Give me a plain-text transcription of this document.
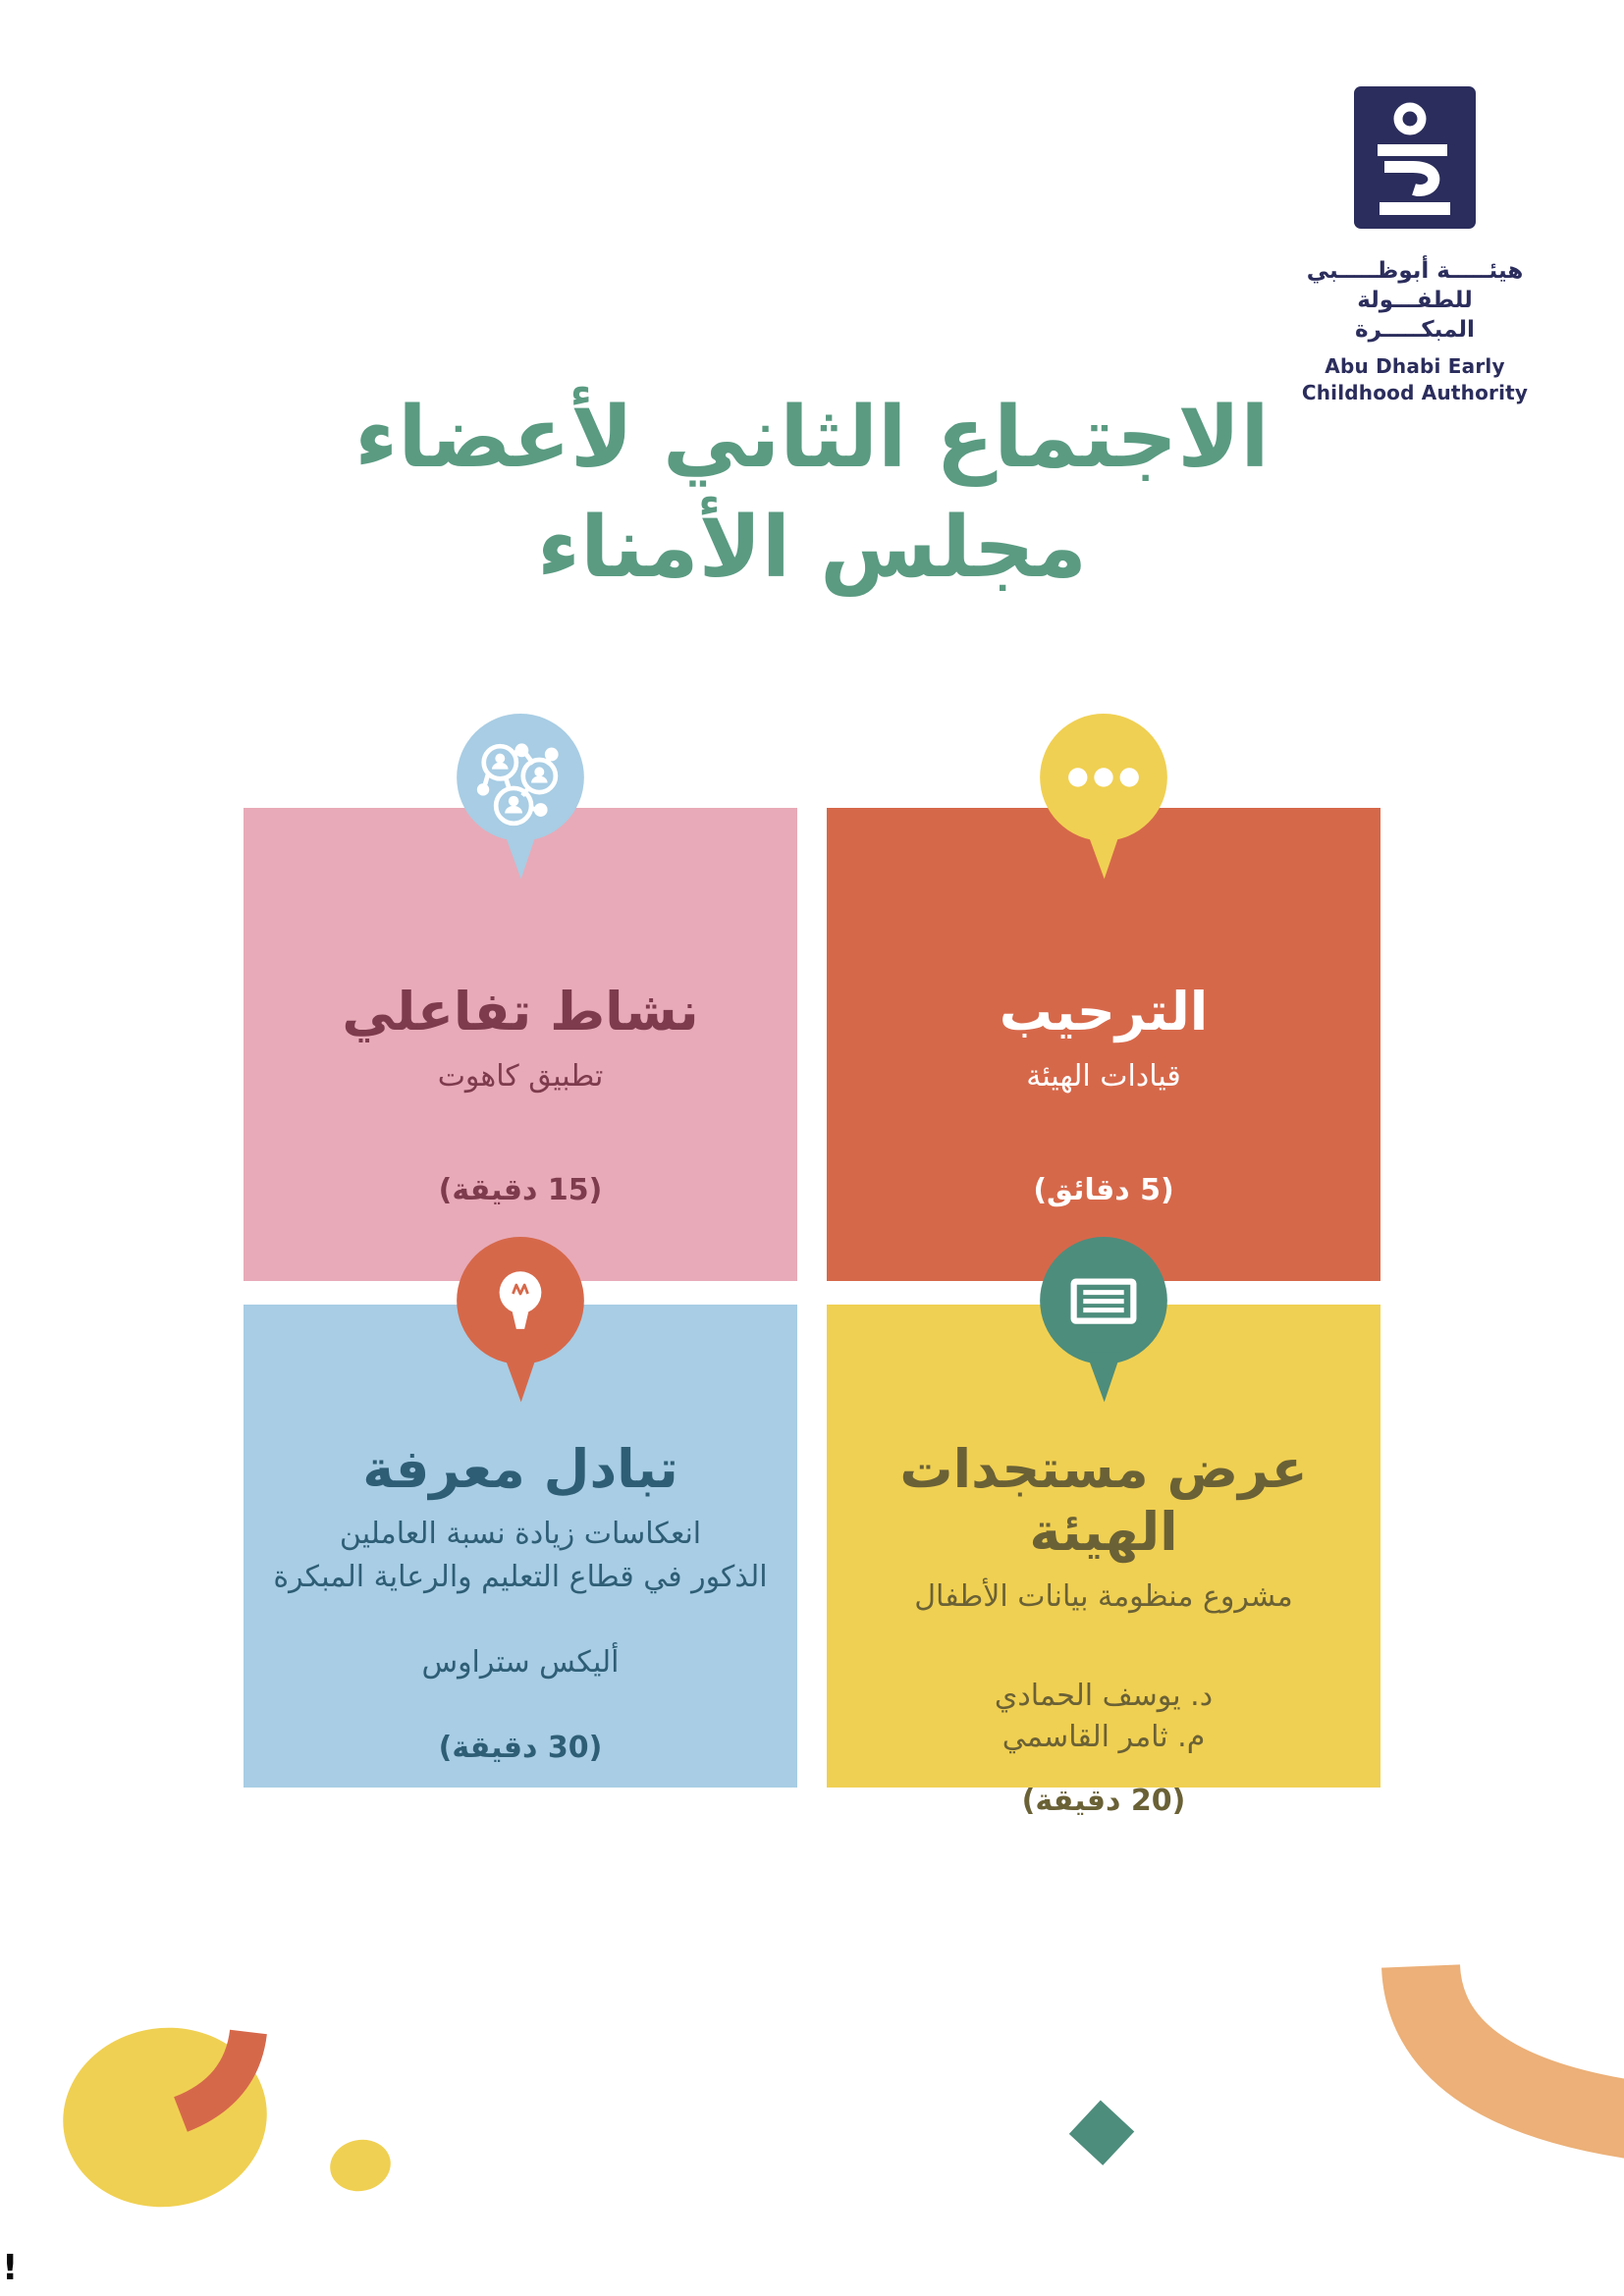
هيئـــــة أبوظـــــبي
للطفـــولة المبكـــــرة
Abu Dhabi Early
Childhood Authority
الاجتماع الثاني لأعضاء
مجلس الأمناء
الترحيب
قيادات الهيئة
(5 دقائق)
نشاط تفاعلي
تطبيق كاهوت
(15 دقيقة)
عرض مستجدات الهيئة
مشروع منظومة بيانات الأطفال
د. يوسف الحمادي
م. ثامر القاسمي
(20 دقيقة)
تبادل معرفة
انعكاسات زيادة نسبة العاملين
الذكور في قطاع التعليم والرعاية المبكرة
أليكس ستراوس
(30 دقيقة)
!
